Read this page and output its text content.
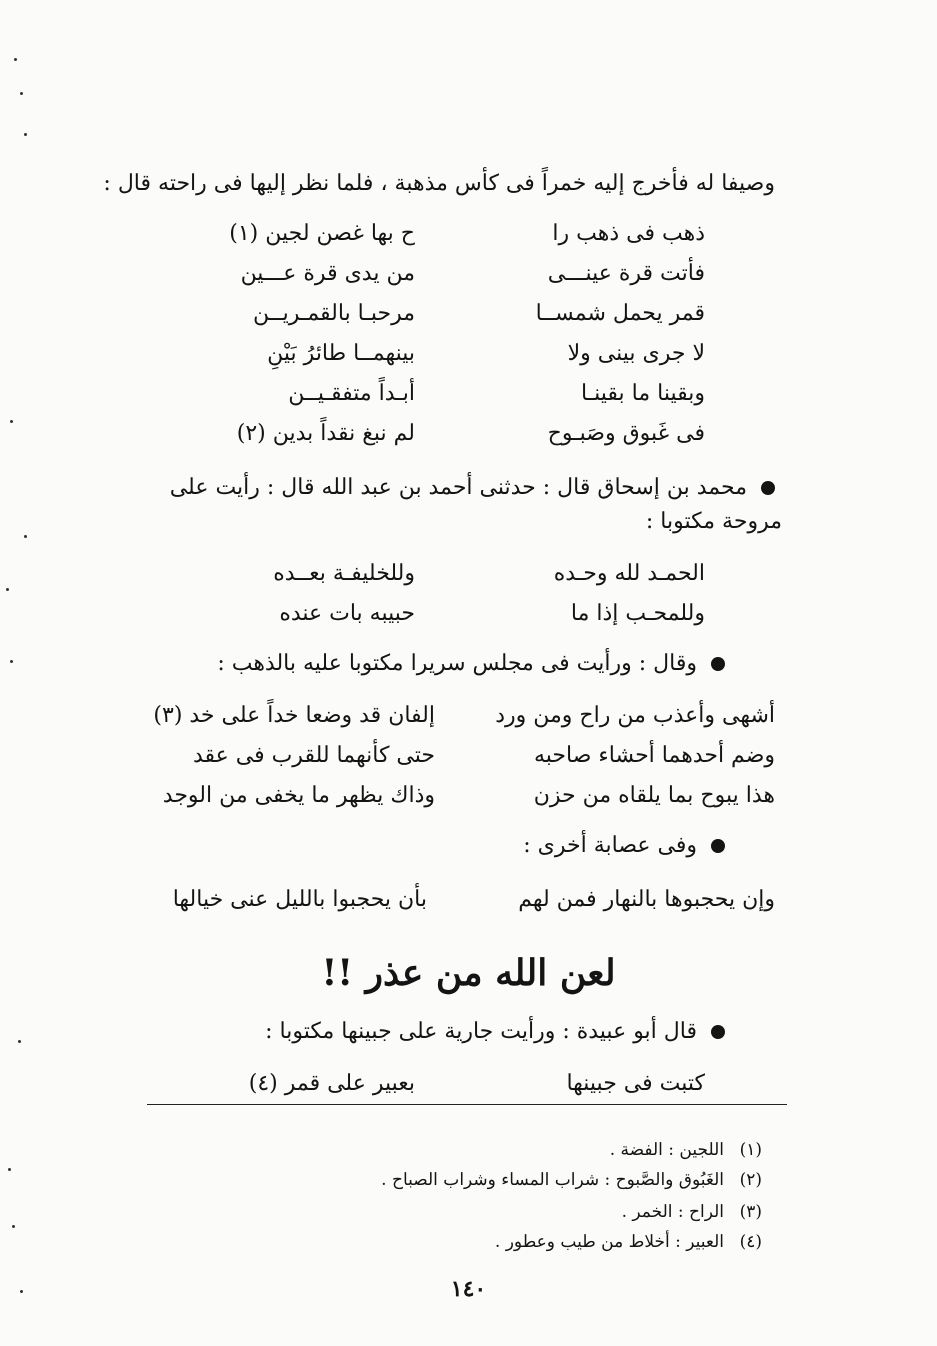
وصيفا له فأخرج إليه خمراً فى كأس مذهبة ، فلما نظر إليها فى راحته قال :
ذهب فى ذهب را
ح بها غصن لجين (١)
فأتت قرة عينـــى
من يدى قرة عـــين
قمر يحمل شمســا
مرحبـا بالقمـريــن
لا جرى بينى ولا
بينهمــا طائرُ بَيْنِ
وبقينا ما بقينـا
أبـداً متفقـيــن
فى غَبوق وصَبـوح
لم نبغ نقداً بدين (٢)
محمد بن إسحاق قال : حدثنى أحمد بن عبد الله قال : رأيت على
مروحة مكتوبا :
الحمـد لله وحـده
وللخليفـة بعــده
وللمحـب إذا ما
حبيبه بات عنده
وقال : ورأيت فى مجلس سريرا مكتوبا عليه بالذهب :
أشهى وأعذب من راح ومن ورد
إلفان قد وضعا خداً على خد (٣)
وضم أحدهما أحشاء صاحبه
حتى كأنهما للقرب فى عقد
هذا يبوح بما يلقاه من حزن
وذاك يظهر ما يخفى من الوجد
وفى عصابة أخرى :
وإن يحجبوها بالنهار فمن لهم
بأن يحجبوا بالليل عنى خيالها
لعن الله من عذر !!
قال أبو عبيدة : ورأيت جارية على جبينها مكتوبا :
كتبت فى جبينها
بعبير على قمر (٤)
(١)اللجين : الفضة .
(٢)الغَبُوق والصَّبوح : شراب المساء وشراب الصباح .
(٣)الراح : الخمر .
(٤)العبير : أخلاط من طيب وعطور .
١٤٠
